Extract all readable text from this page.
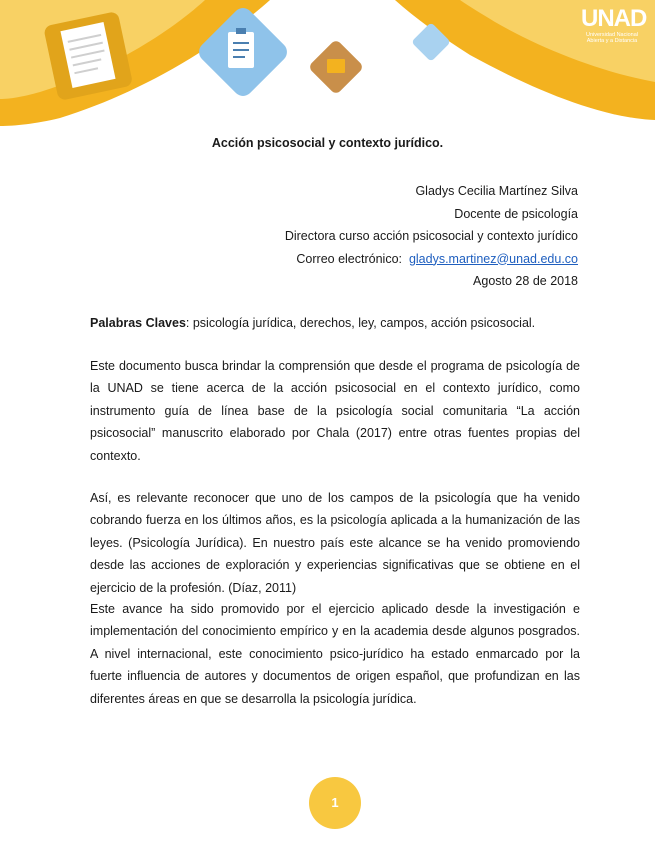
UNAD
Universidad Nacional Abierta y a Distancia
Acción psicosocial y contexto jurídico.
Gladys Cecilia Martínez Silva
Docente de psicología
Directora curso acción psicosocial y contexto jurídico
Correo electrónico: gladys.martinez@unad.edu.co
Agosto 28 de 2018

Palabras Claves: psicología jurídica, derechos, ley, campos, acción psicosocial.

Este documento busca brindar la comprensión que desde el programa de psicología de la UNAD se tiene acerca de la acción psicosocial en el contexto jurídico, como instrumento guía de línea base de la psicología social comunitaria “La acción psicosocial” manuscrito elaborado por Chala (2017) entre otras fuentes propias del contexto.

Así, es relevante reconocer que uno de los campos de la psicología que ha venido cobrando fuerza en los últimos años, es la psicología aplicada a la humanización de las leyes. (Psicología Jurídica). En nuestro país este alcance se ha venido promoviendo desde las acciones de exploración y experiencias significativas que se obtiene en el ejercicio de la profesión. (Díaz, 2011)

Este avance ha sido promovido por el ejercicio aplicado desde la investigación e implementación del conocimiento empírico y en la academia desde algunos posgrados. A nivel internacional, este conocimiento psico-jurídico ha estado enmarcado por la fuerte influencia de autores y documentos de origen español, que profundizan en las diferentes áreas en que se desarrolla la psicología jurídica.

1
